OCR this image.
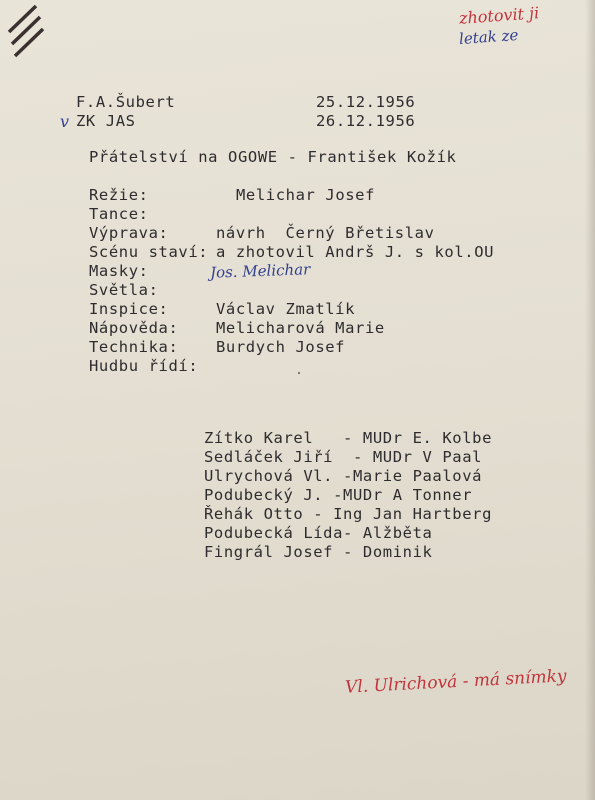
zhotovit ji
letak ze
F.A.Šubert	25.12.1956
v ZK JAS	26.12.1956
Přátelství na OGOWE - František Kožík
Režie:	Melichar Josef
Tance:
Výprava:	návrh  Černý Břetislav
Scénu staví: a zhotovil Andrš J. s kol.OU
Masky:	Jos. Melichar
Světla:
Inspice:	Václav Zmatlík
Nápověda: Melicharová Marie
Technika: Burdych Josef
Hudbu řídí:
Zítko Karel   - MUDr E. Kolbe
Sedláček Jiří  - MUDr V Paal
Ulrychová Vl. -Marie Paalová
Podubecký J. -MUDr A Tonner
Řehák Otto - Ing Jan Hartberg
Podubecká Lída- Alžběta
Fingrál Josef - Dominik
Vl. Ulrichová - má snímky
